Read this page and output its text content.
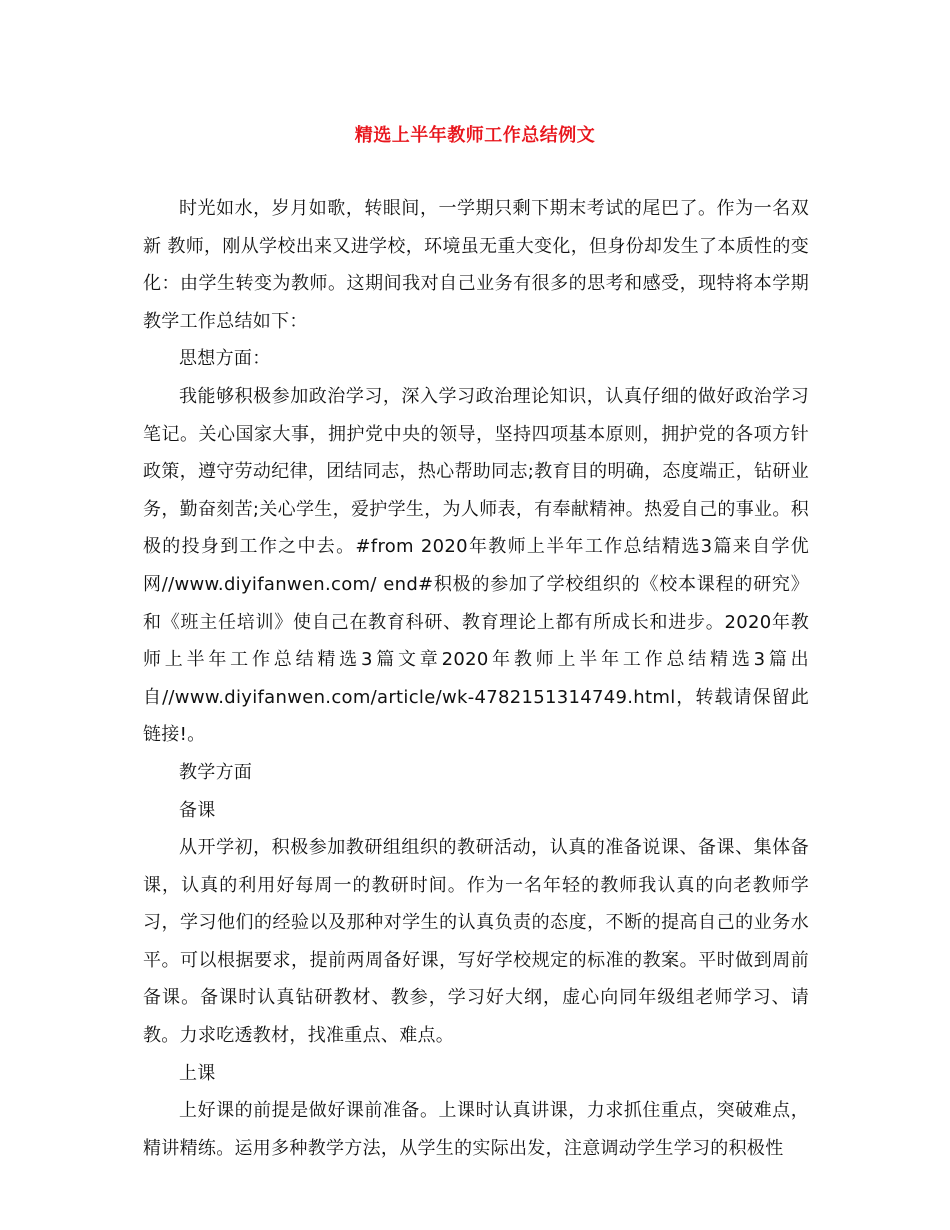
精选上半年教师工作总结例文

时光如水，岁月如歌，转眼间，一学期只剩下期末考试的尾巴了。作为一名双新 教师，刚从学校出来又进学校，环境虽无重大变化，但身份却发生了本质性的变化：由学生转变为教师。这期间我对自己业务有很多的思考和感受，现特将本学期教学工作总结如下：

思想方面：

我能够积极参加政治学习，深入学习政治理论知识，认真仔细的做好政治学习笔记。关心国家大事，拥护党中央的领导，坚持四项基本原则，拥护党的各项方针政策，遵守劳动纪律，团结同志，热心帮助同志;教育目的明确，态度端正，钻研业务，勤奋刻苦;关心学生，爱护学生，为人师表，有奉献精神。热爱自己的事业。积极的投身到工作之中去。#from 2020年教师上半年工作总结精选3篇来自学优网//www.diyifanwen.com/ end#积极的参加了学校组织的《校本课程的研究》和《班主任培训》使自己在教育科研、教育理论上都有所成长和进步。2020年教师上半年工作总结精选3篇文章2020年教师上半年工作总结精选3篇出自//www.diyifanwen.com/article/wk-4782151314749.html，转载请保留此链接!。

教学方面

备课

从开学初，积极参加教研组组织的教研活动，认真的准备说课、备课、集体备课，认真的利用好每周一的教研时间。作为一名年轻的教师我认真的向老教师学习，学习他们的经验以及那种对学生的认真负责的态度，不断的提高自己的业务水平。可以根据要求，提前两周备好课，写好学校规定的标准的教案。平时做到周前备课。备课时认真钻研教材、教参，学习好大纲，虚心向同年级组老师学习、请教。力求吃透教材，找准重点、难点。

上课

上好课的前提是做好课前准备。上课时认真讲课，力求抓住重点，突破难点，精讲精练。运用多种教学方法，从学生的实际出发，注意调动学生学习的积极性
